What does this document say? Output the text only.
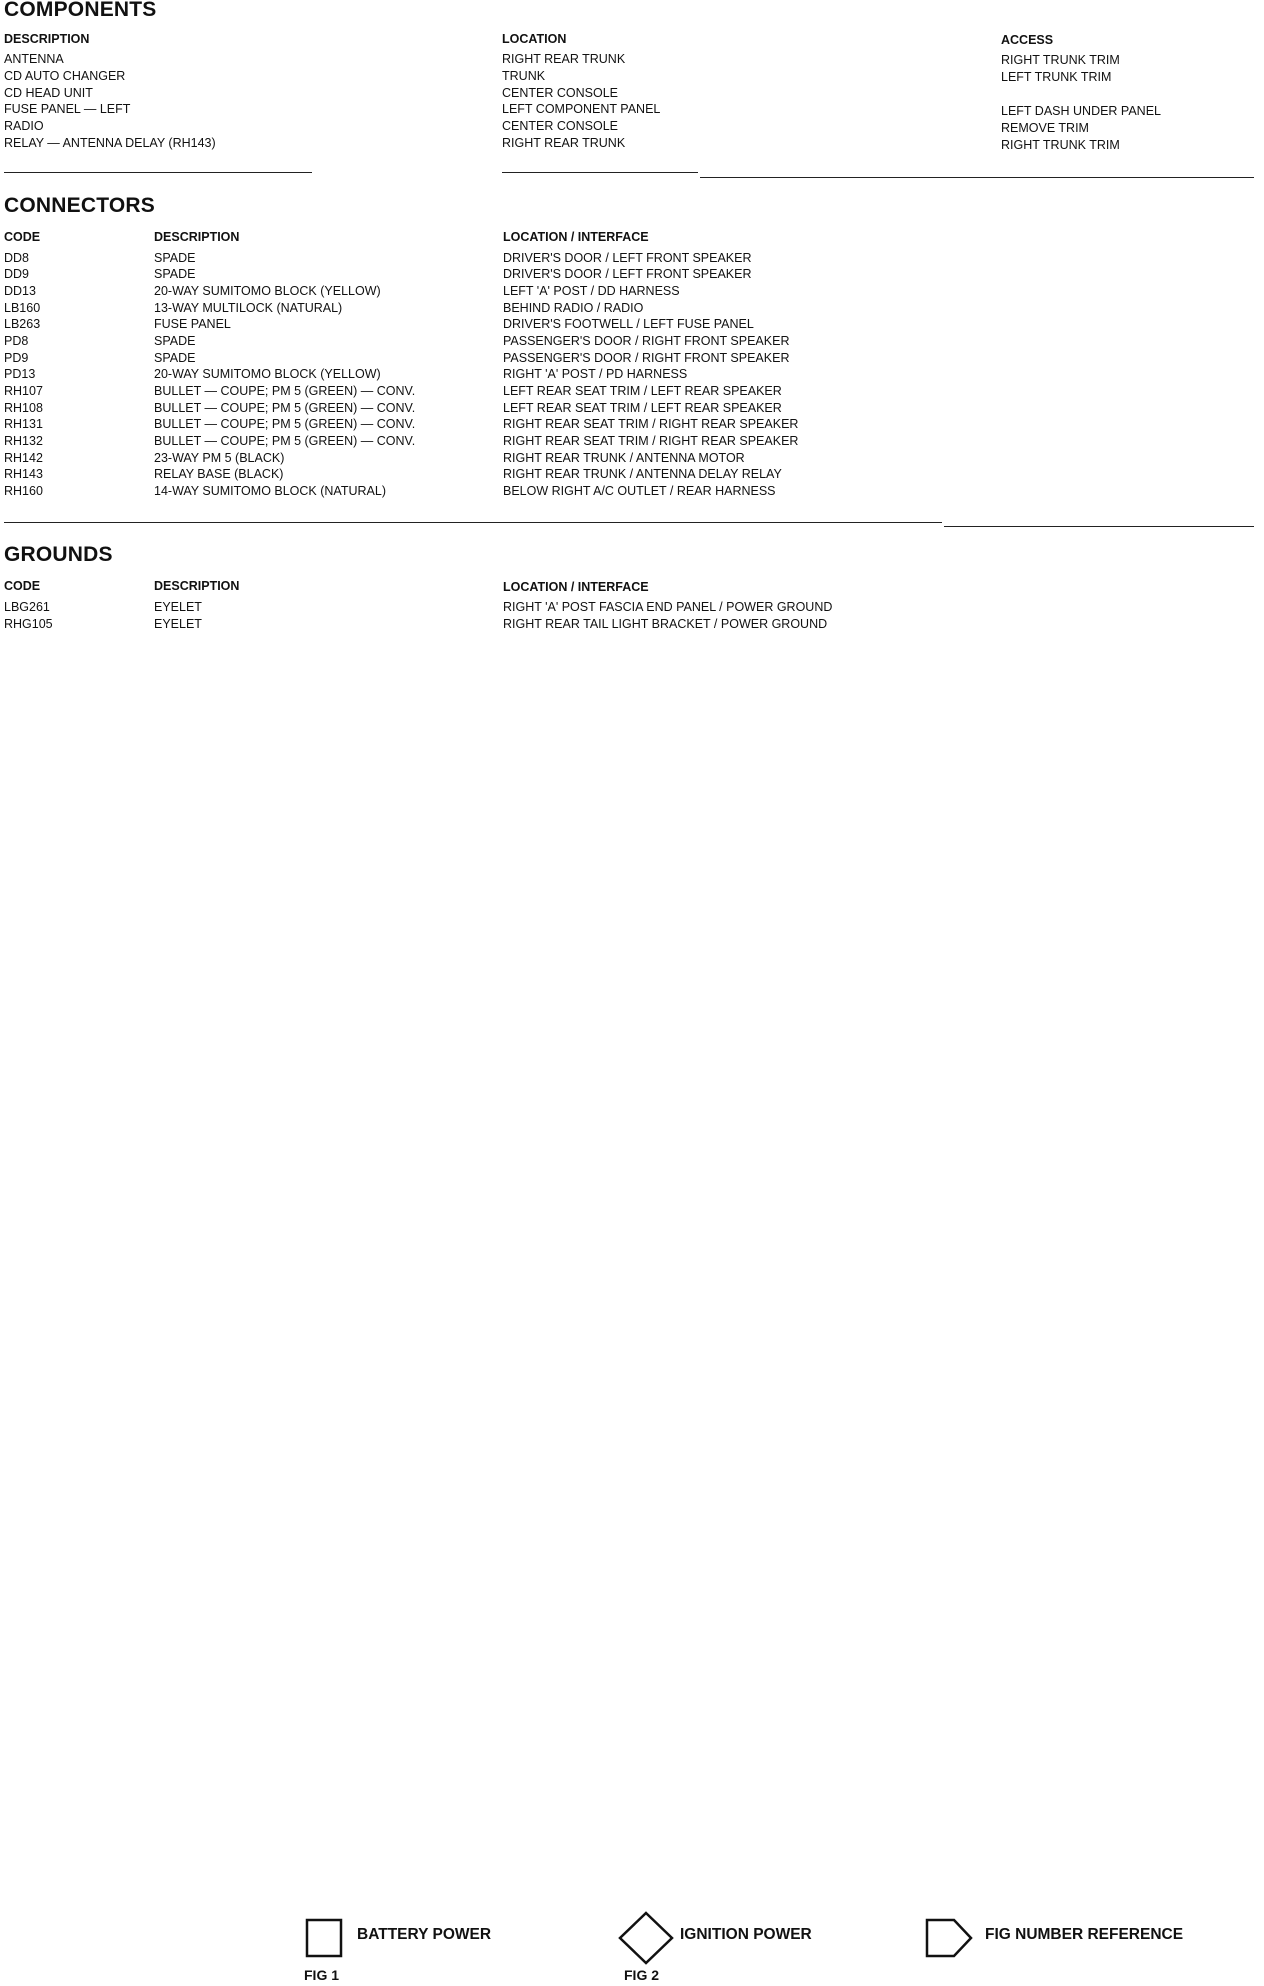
COMPONENTS
DESCRIPTION	LOCATION	ACCESS
ANTENNA	RIGHT REAR TRUNK	RIGHT TRUNK TRIM
CD AUTO CHANGER	TRUNK	LEFT TRUNK TRIM
CD HEAD UNIT	CENTER CONSOLE
FUSE PANEL — LEFT	LEFT COMPONENT PANEL	LEFT DASH UNDER PANEL
RADIO	CENTER CONSOLE	REMOVE TRIM
RELAY — ANTENNA DELAY (RH143)	RIGHT REAR TRUNK	RIGHT TRUNK TRIM
CONNECTORS
CODE	DESCRIPTION	LOCATION / INTERFACE
DD8	SPADE	DRIVER'S DOOR / LEFT FRONT SPEAKER
DD9	SPADE	DRIVER'S DOOR / LEFT FRONT SPEAKER
DD13	20-WAY SUMITOMO BLOCK (YELLOW)	LEFT 'A' POST / DD HARNESS
LB160	13-WAY MULTILOCK (NATURAL)	BEHIND RADIO / RADIO
LB263	FUSE PANEL	DRIVER'S FOOTWELL / LEFT FUSE PANEL
PD8	SPADE	PASSENGER'S DOOR / RIGHT FRONT SPEAKER
PD9	SPADE	PASSENGER'S DOOR / RIGHT FRONT SPEAKER
PD13	20-WAY SUMITOMO BLOCK (YELLOW)	RIGHT 'A' POST / PD HARNESS
RH107	BULLET — COUPE; PM 5 (GREEN) — CONV.	LEFT REAR SEAT TRIM / LEFT REAR SPEAKER
RH108	BULLET — COUPE; PM 5 (GREEN) — CONV.	LEFT REAR SEAT TRIM / LEFT REAR SPEAKER
RH131	BULLET — COUPE; PM 5 (GREEN) — CONV.	RIGHT REAR SEAT TRIM / RIGHT REAR SPEAKER
RH132	BULLET — COUPE; PM 5 (GREEN) — CONV.	RIGHT REAR SEAT TRIM / RIGHT REAR SPEAKER
RH142	23-WAY PM 5 (BLACK)	RIGHT REAR TRUNK / ANTENNA MOTOR
RH143	RELAY BASE (BLACK)	RIGHT REAR TRUNK / ANTENNA DELAY RELAY
RH160	14-WAY SUMITOMO BLOCK (NATURAL)	BELOW RIGHT A/C OUTLET / REAR HARNESS
GROUNDS
CODE	DESCRIPTION	LOCATION / INTERFACE
LBG261	EYELET	RIGHT 'A' POST FASCIA END PANEL / POWER GROUND
RHG105	EYELET	RIGHT REAR TAIL LIGHT BRACKET / POWER GROUND
BATTERY POWER
FIG 1
IGNITION POWER
FIG 2
FIG NUMBER REFERENCE
